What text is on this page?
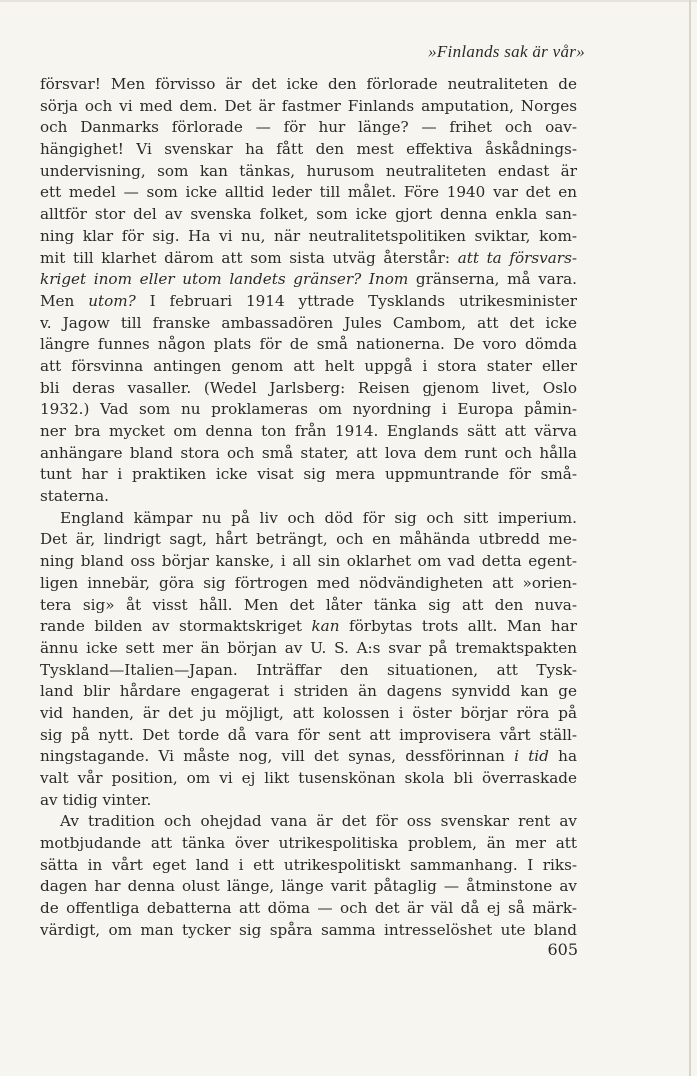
»Finlands sak är vår»
försvar! Men förvisso är det icke den förlorade neutraliteten de
sörja och vi med dem. Det är fastmer Finlands amputation, Norges
och Danmarks förlorade — för hur länge? — frihet och oav-
hängighet! Vi svenskar ha fått den mest effektiva åskådnings-
undervisning, som kan tänkas, hurusom neutraliteten endast är
ett medel — som icke alltid leder till målet. Före 1940 var det en
alltför stor del av svenska folket, som icke gjort denna enkla san-
ning klar för sig. Ha vi nu, när neutralitetspolitiken sviktar, kom-
mit till klarhet därom att som sista utväg återstår: att ta försvars-
kriget inom eller utom landets gränser? Inom gränserna, må vara.
Men utom? I februari 1914 yttrade Tysklands utrikesminister
v. Jagow till franske ambassadören Jules Cambom, att det icke
längre funnes någon plats för de små nationerna. De voro dömda
att försvinna antingen genom att helt uppgå i stora stater eller
bli deras vasaller. (Wedel Jarlsberg: Reisen gjenom livet, Oslo
1932.) Vad som nu proklameras om nyordning i Europa påmin-
ner bra mycket om denna ton från 1914. Englands sätt att värva
anhängare bland stora och små stater, att lova dem runt och hålla
tunt har i praktiken icke visat sig mera uppmuntrande för små-
staterna.
England kämpar nu på liv och död för sig och sitt imperium.
Det är, lindrigt sagt, hårt beträngt, och en måhända utbredd me-
ning bland oss börjar kanske, i all sin oklarhet om vad detta egent-
ligen innebär, göra sig förtrogen med nödvändigheten att »orien-
tera sig» åt visst håll. Men det låter tänka sig att den nuva-
rande bilden av stormaktskriget kan förbytas trots allt. Man har
ännu icke sett mer än början av U. S. A:s svar på tremaktspakten
Tyskland—Italien—Japan. Inträffar den situationen, att Tysk-
land blir hårdare engagerat i striden än dagens synvidd kan ge
vid handen, är det ju möjligt, att kolossen i öster börjar röra på
sig på nytt. Det torde då vara för sent att improvisera vårt ställ-
ningstagande. Vi måste nog, vill det synas, dessförinnan i tid ha
valt vår position, om vi ej likt tusenskönan skola bli överraskade
av tidig vinter.
Av tradition och ohejdad vana är det för oss svenskar rent av
motbjudande att tänka över utrikespolitiska problem, än mer att
sätta in vårt eget land i ett utrikespolitiskt sammanhang. I riks-
dagen har denna olust länge, länge varit påtaglig — åtminstone av
de offentliga debatterna att döma — och det är väl då ej så märk-
värdigt, om man tycker sig spåra samma intresselöshet ute bland
605
